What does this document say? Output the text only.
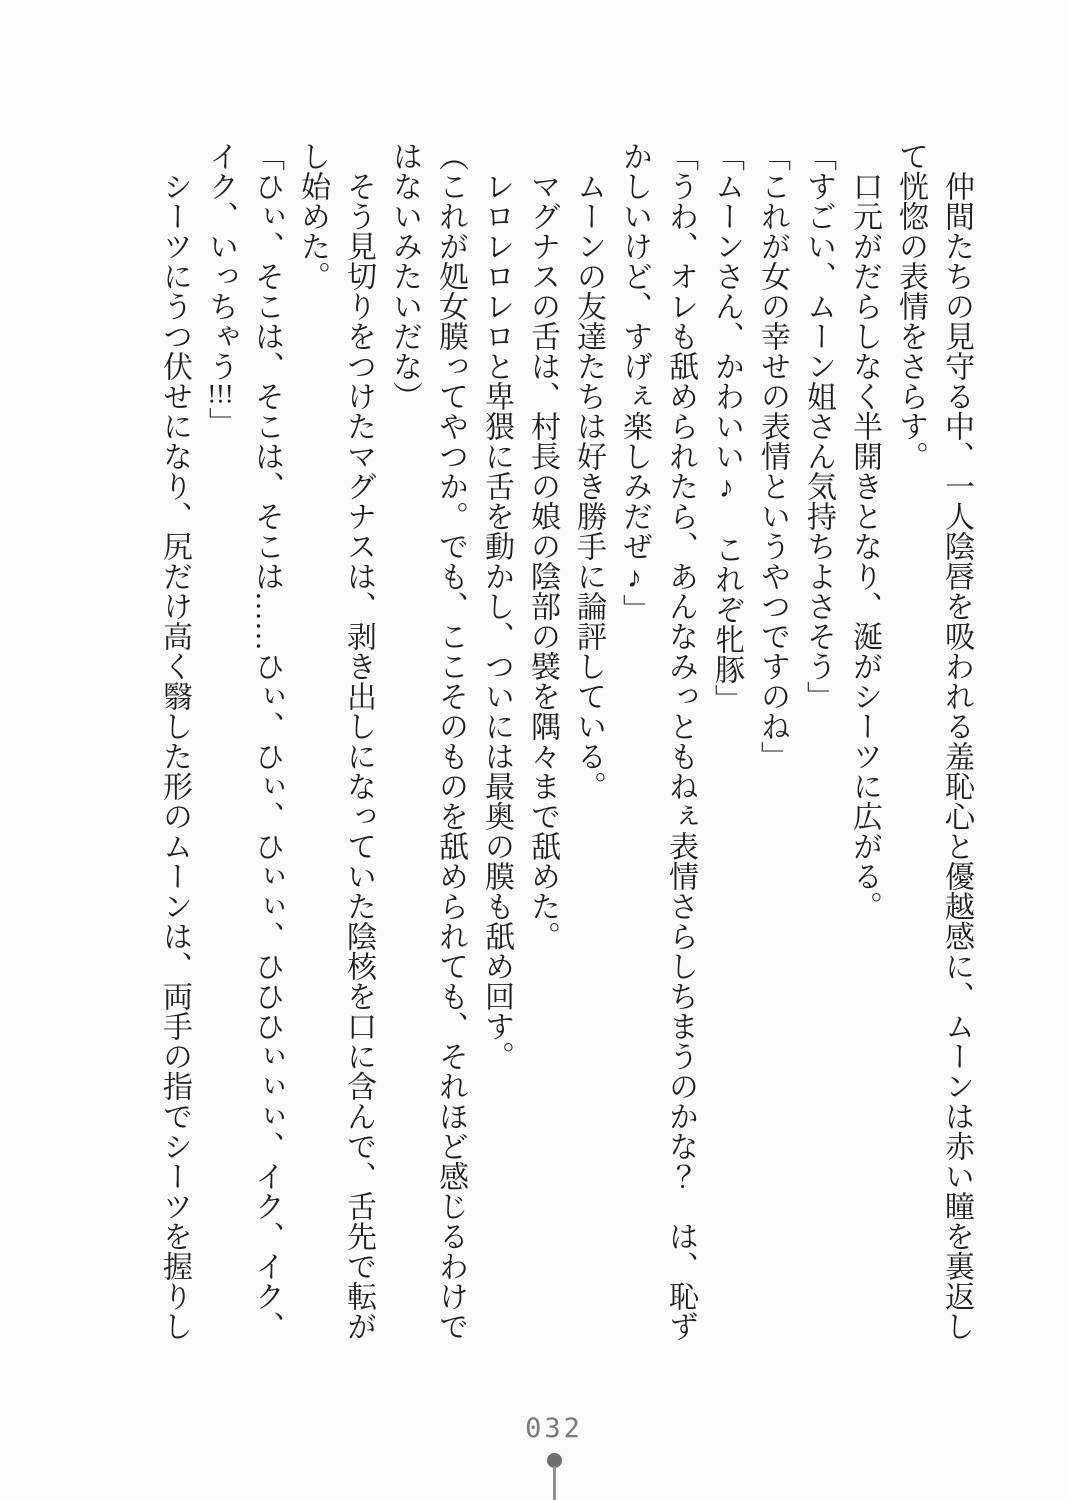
　仲間たちの見守る中、一人陰唇を吸われる羞恥心と優越感に、ムーンは赤い瞳を裏返し
て恍惚の表情をさらす。
　口元がだらしなく半開きとなり、涎がシーツに広がる。
「すごい、ムーン姐さん気持ちよさそう」
「これが女の幸せの表情というやつですのね」
「ムーンさん、かわいい♪　これぞ牝豚」
「うわ、オレも舐められたら、あんなみっともねぇ表情さらしちまうのかな？　は、恥ず
かしいけど、すげぇ楽しみだぜ♪」
　ムーンの友達たちは好き勝手に論評している。
　マグナスの舌は、村長の娘の陰部の襞を隅々まで舐めた。
　レロレロレロと卑猥に舌を動かし、ついには最奥の膜も舐め回す。
（これが処女膜ってやつか。でも、ここそのものを舐められても、それほど感じるわけで
はないみたいだな）
　そう見切りをつけたマグナスは、剥き出しになっていた陰核を口に含んで、舌先で転が
し始めた。
「ひぃ、そこは、そこは、そこは……ひぃ、ひぃ、ひぃぃ、ひひひぃぃぃ、イク、イク、
イク、いっちゃう!!!」
　シーツにうつ伏せになり、尻だけ高く翳した形のムーンは、両手の指でシーツを握りし
032
